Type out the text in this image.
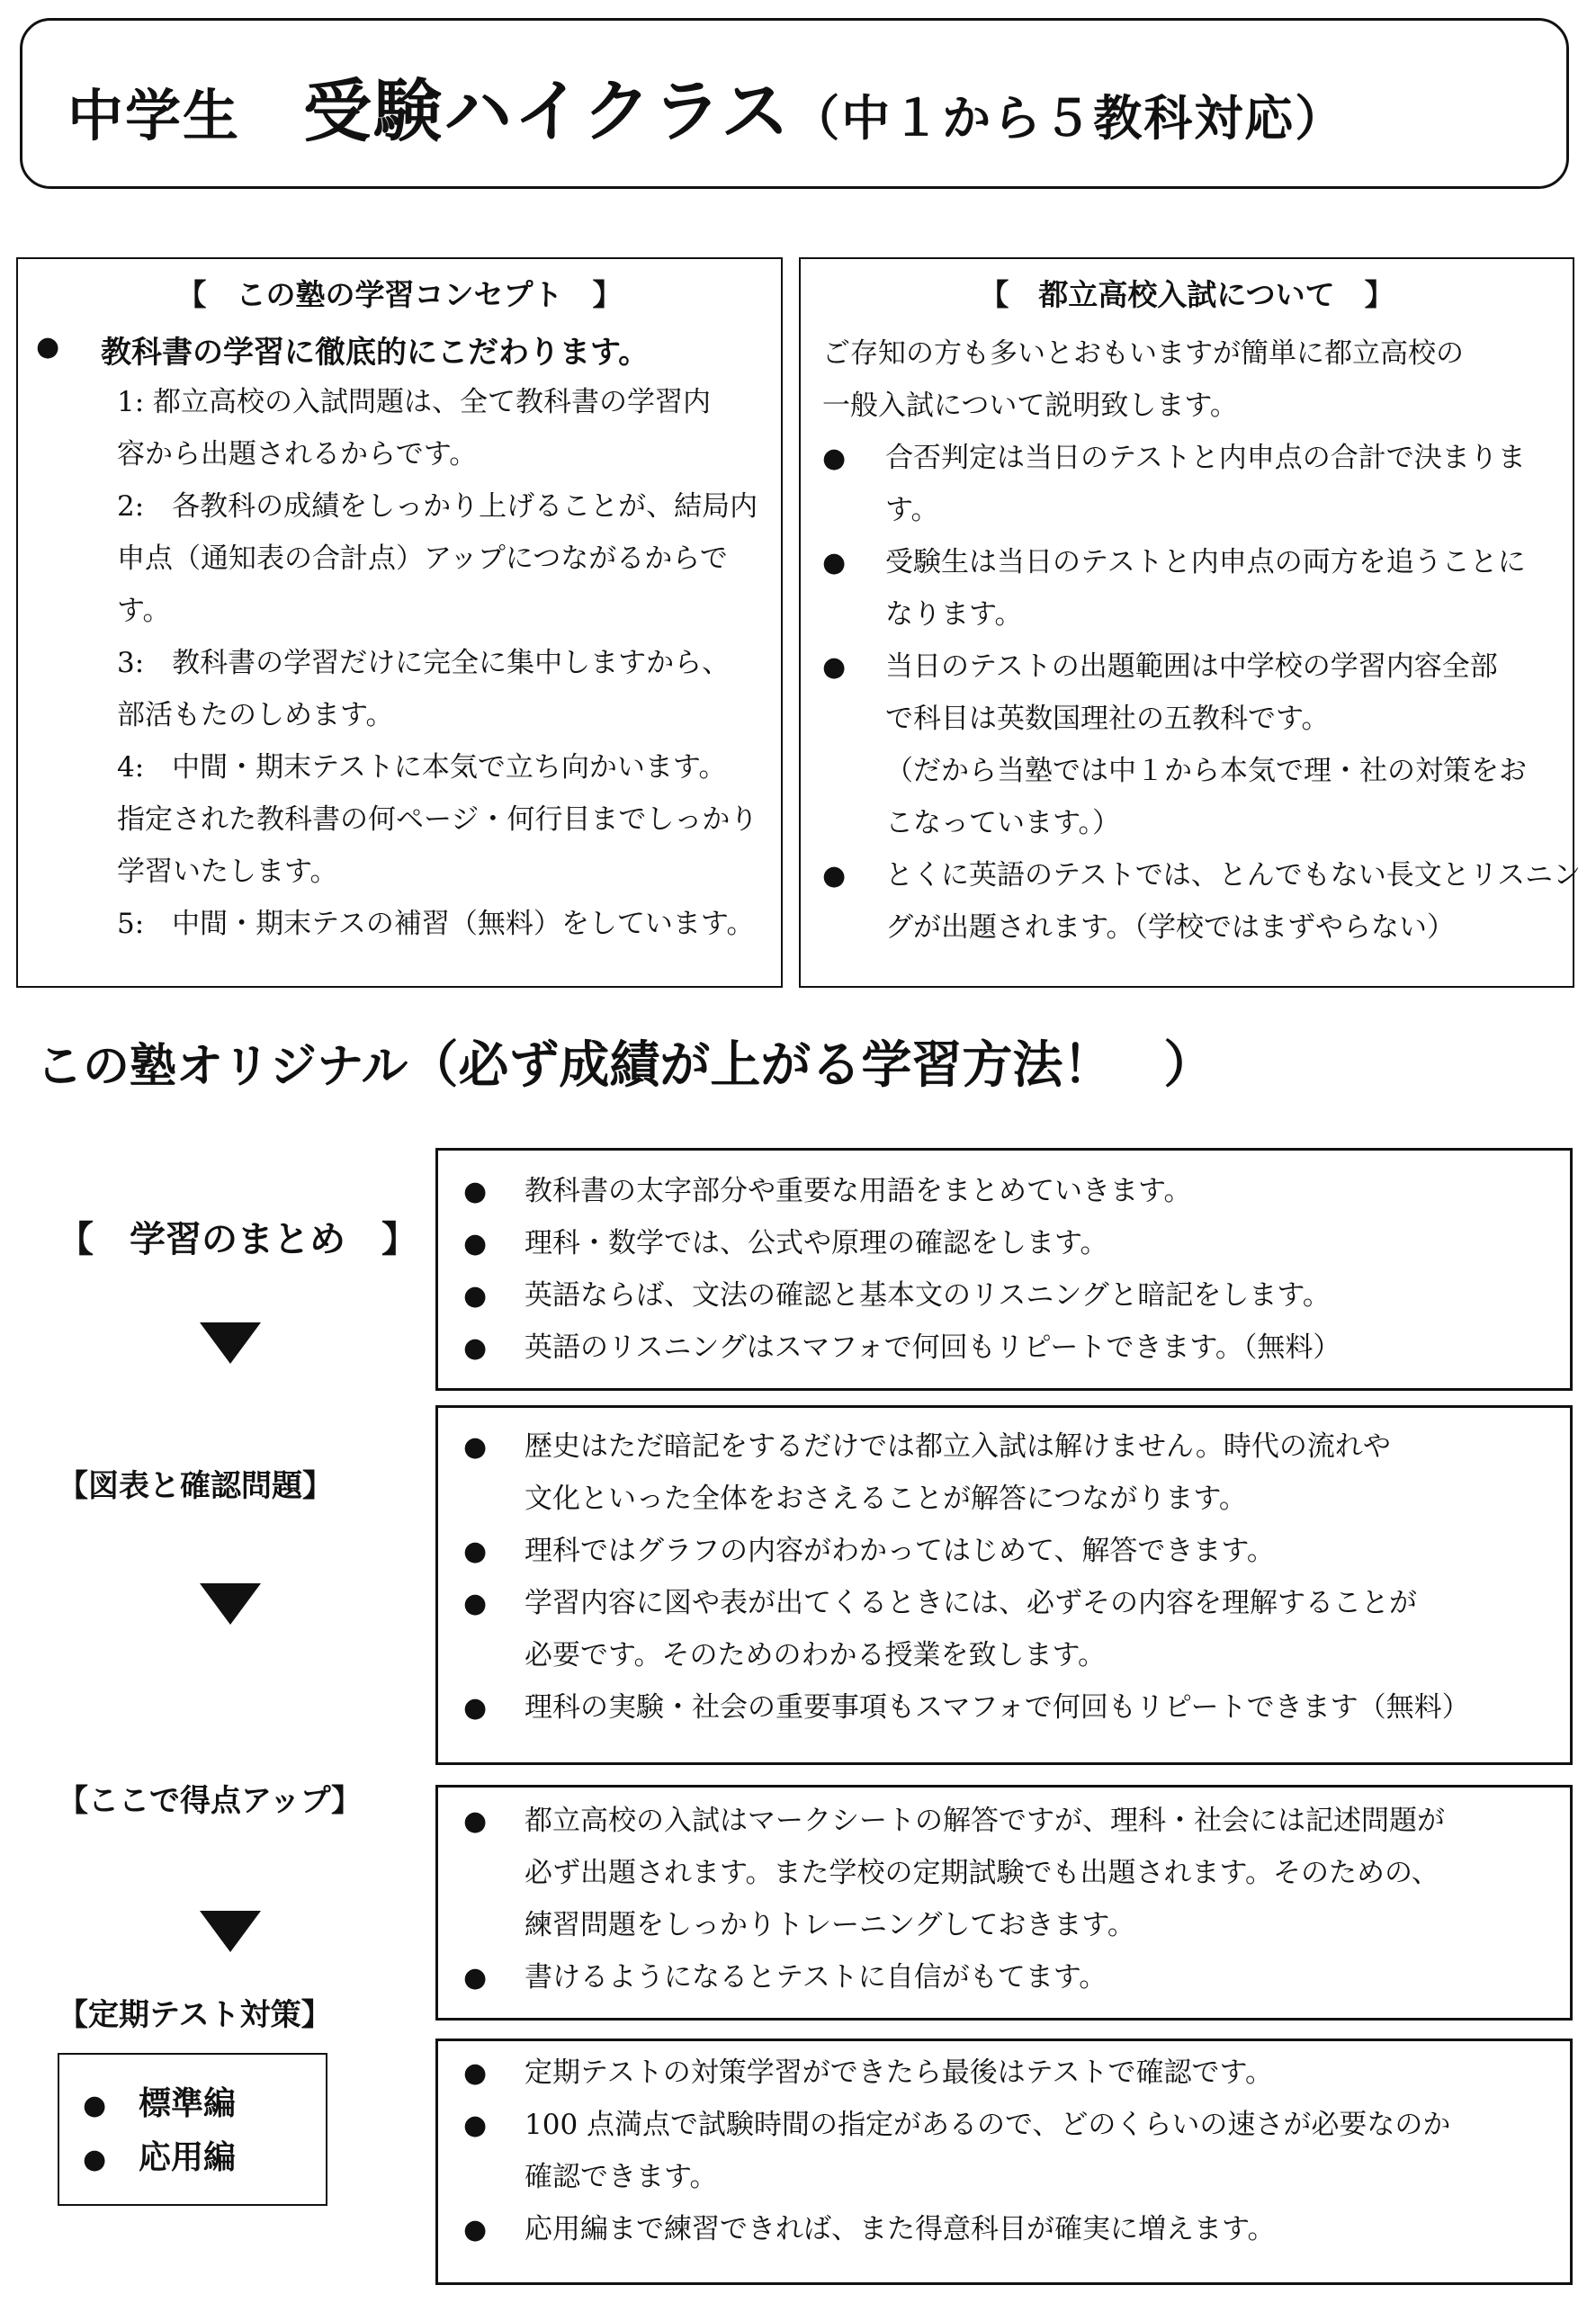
中学生 受験ハイクラス（中１から５教科対応）
【　この塾の学習コンセプト　】
● 教科書の学習に徹底的にこだわります。
1: 都立高校の入試問題は、全て教科書の学習内
容から出題されるからです。
2:　各教科の成績をしっかり上げることが、結局内
申点（通知表の合計点）アップにつながるからで
す。
3:　教科書の学習だけに完全に集中しますから、
部活もたのしめます。
4:　中間・期末テストに本気で立ち向かいます。
指定された教科書の何ページ・何行目までしっかり
学習いたします。
5:　中間・期末テスの補習（無料）をしています。
【　都立高校入試について　】
ご存知の方も多いとおもいますが簡単に都立高校の
一般入試について説明致します。
● 合否判定は当日のテストと内申点の合計で決まりま
す。
● 受験生は当日のテストと内申点の両方を追うことに
なります。
● 当日のテストの出題範囲は中学校の学習内容全部
で科目は英数国理社の五教科です。
（だから当塾では中１から本気で理・社の対策をお
こなっています。）
● とくに英語のテストでは、とんでもない長文とリスニン
グが出題されます。（学校ではまずやらない）
この塾オリジナル（必ず成績が上がる学習方法！　）
【　学習のまとめ　】
【図表と確認問題】
【ここで得点アップ】
【定期テスト対策】
● 標準編
● 応用編
● 教科書の太字部分や重要な用語をまとめていきます。
● 理科・数学では、公式や原理の確認をします。
● 英語ならば、文法の確認と基本文のリスニングと暗記をします。
● 英語のリスニングはスマフォで何回もリピートできます。（無料）
● 歴史はただ暗記をするだけでは都立入試は解けません。時代の流れや
文化といった全体をおさえることが解答につながります。
● 理科ではグラフの内容がわかってはじめて、解答できます。
● 学習内容に図や表が出てくるときには、必ずその内容を理解することが
必要です。そのためのわかる授業を致します。
● 理科の実験・社会の重要事項もスマフォで何回もリピートできます（無料）
● 都立高校の入試はマークシートの解答ですが、理科・社会には記述問題が
必ず出題されます。また学校の定期試験でも出題されます。そのための、
練習問題をしっかりトレーニングしておきます。
● 書けるようになるとテストに自信がもてます。
● 定期テストの対策学習ができたら最後はテストで確認です。
● 100 点満点で試験時間の指定があるので、どのくらいの速さが必要なのか
確認できます。
● 応用編まで練習できれば、また得意科目が確実に増えます。
